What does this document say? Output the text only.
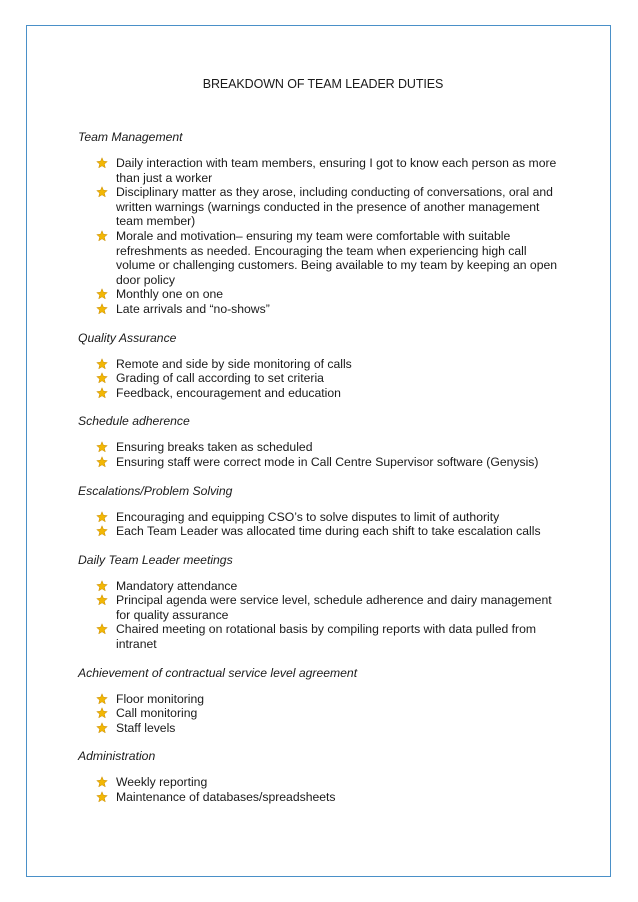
BREAKDOWN OF TEAM LEADER DUTIES
Team Management
Daily interaction with team members, ensuring I got to know each person as more than just a worker
Disciplinary matter as they arose, including conducting of conversations, oral and written warnings (warnings conducted in the presence of another management team member)
Morale and motivation– ensuring my team were comfortable with suitable refreshments as needed. Encouraging the team when experiencing high call volume or challenging customers. Being available to my team by keeping an open door policy
Monthly one on one
Late arrivals and “no-shows”
Quality Assurance
Remote and side by side monitoring of calls
Grading of call according to set criteria
Feedback, encouragement and education
Schedule adherence
Ensuring breaks taken as scheduled
Ensuring staff were correct mode in Call Centre Supervisor software (Genysis)
Escalations/Problem Solving
Encouraging and equipping CSO’s to solve disputes to limit of authority
Each Team Leader was allocated time during each shift to take escalation calls
Daily Team Leader meetings
Mandatory attendance
Principal agenda were service level, schedule adherence and dairy management for quality assurance
Chaired meeting on rotational basis by compiling reports with data pulled from intranet
Achievement of contractual service level agreement
Floor monitoring
Call monitoring
Staff levels
Administration
Weekly reporting
Maintenance of databases/spreadsheets
